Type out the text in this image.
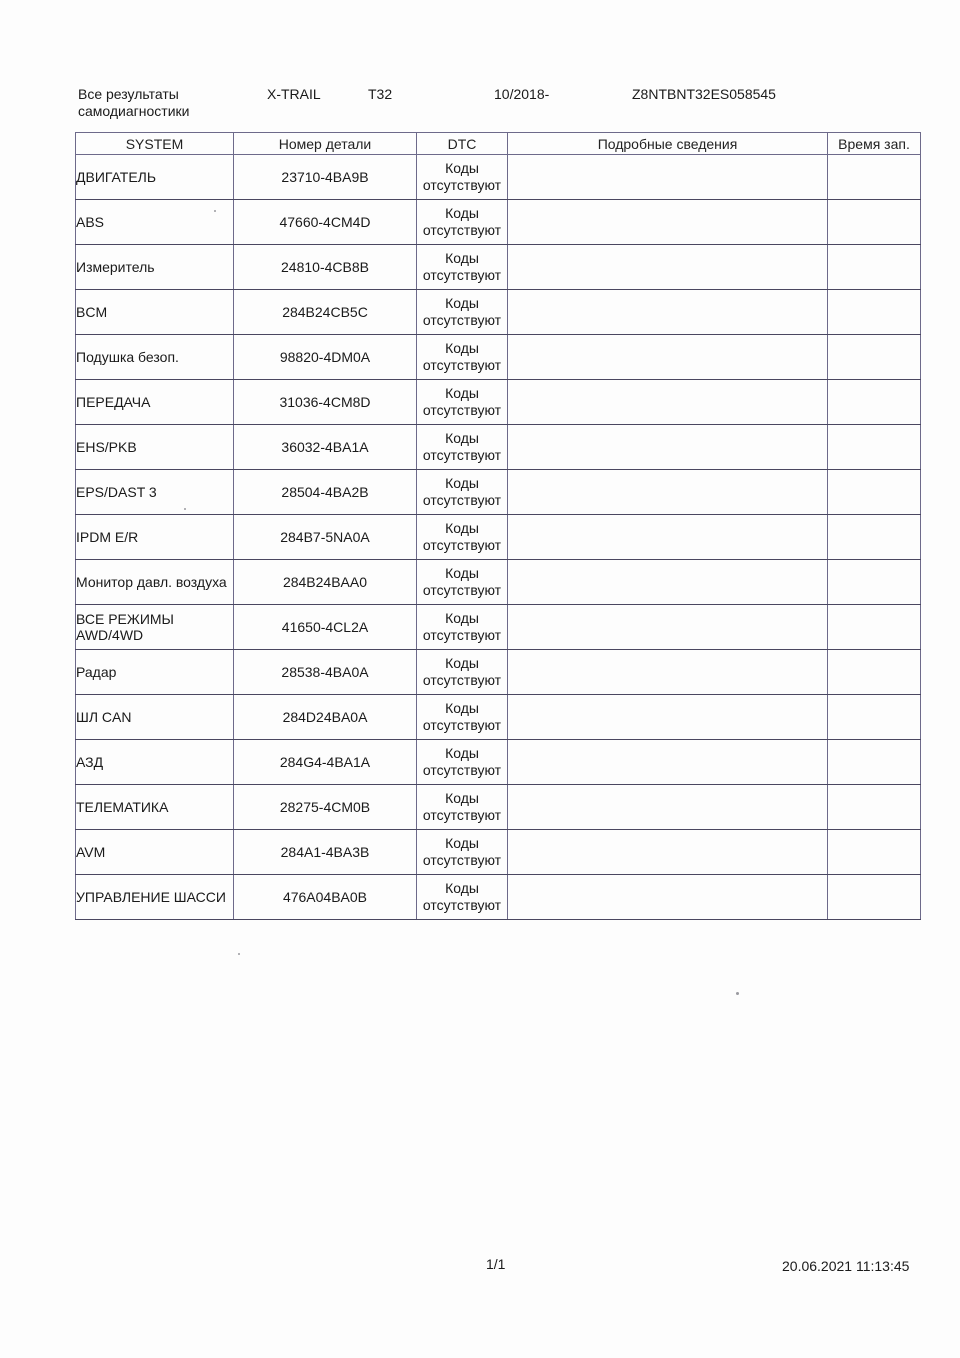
Все результаты самодиагностики
X-TRAIL	T32	10/2018-	Z8NTBNT32ES058545
SYSTEM	Номер детали	DTC	Подробные сведения	Время зап.
ДВИГАТЕЛЬ	23710-4BA9B	Коды отсутствуют		
ABS	47660-4CM4D	Коды отсутствуют		
Измеритель	24810-4CB8B	Коды отсутствуют		
BCM	284B24CB5C	Коды отсутствуют		
Подушка безоп.	98820-4DM0A	Коды отсутствуют		
ПЕРЕДАЧА	31036-4CM8D	Коды отсутствуют		
EHS/PKB	36032-4BA1A	Коды отсутствуют		
EPS/DAST 3	28504-4BA2B	Коды отсутствуют		
IPDM E/R	284B7-5NA0A	Коды отсутствуют		
Монитор давл. воздуха	284B24BAA0	Коды отсутствуют		
ВСЕ РЕЖИМЫ AWD/4WD	41650-4CL2A	Коды отсутствуют		
Радар	28538-4BA0A	Коды отсутствуют		
ШЛ CAN	284D24BA0A	Коды отсутствуют		
АЗД	284G4-4BA1A	Коды отсутствуют		
ТЕЛЕМАТИКА	28275-4CM0B	Коды отсутствуют		
AVM	284A1-4BA3B	Коды отсутствуют		
УПРАВЛЕНИЕ ШАССИ	476A04BA0B	Коды отсутствуют		
1/1	20.06.2021 11:13:45
